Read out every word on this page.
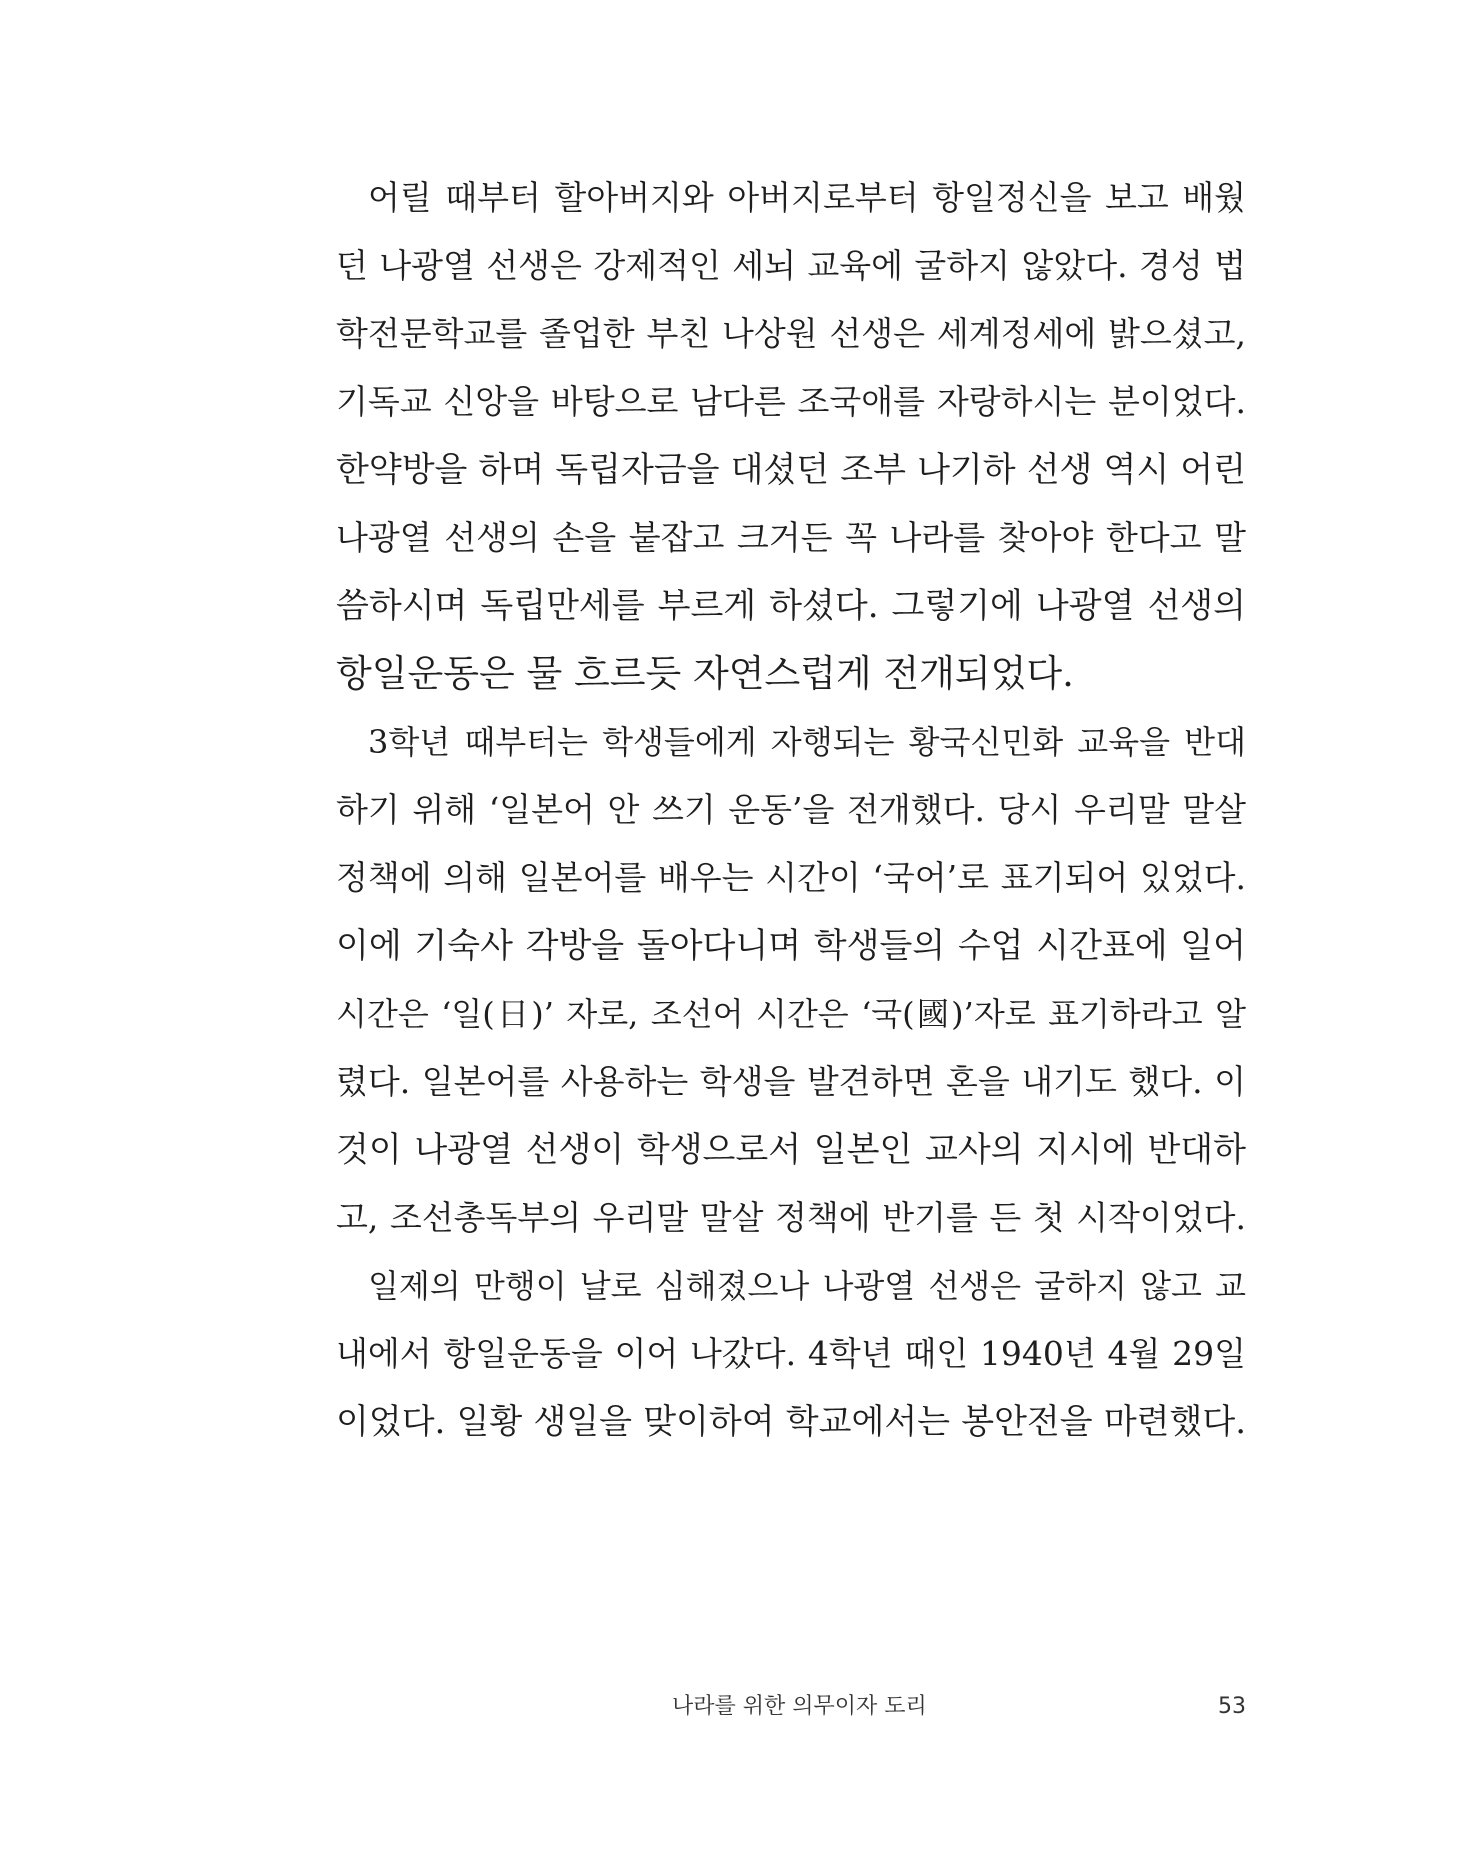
어릴 때부터 할아버지와 아버지로부터 항일정신을 보고 배웠
던 나광열 선생은 강제적인 세뇌 교육에 굴하지 않았다. 경성 법
학전문학교를 졸업한 부친 나상원 선생은 세계정세에 밝으셨고,
기독교 신앙을 바탕으로 남다른 조국애를 자랑하시는 분이었다.
한약방을 하며 독립자금을 대셨던 조부 나기하 선생 역시 어린
나광열 선생의 손을 붙잡고 크거든 꼭 나라를 찾아야 한다고 말
씀하시며 독립만세를 부르게 하셨다. 그렇기에 나광열 선생의
항일운동은 물 흐르듯 자연스럽게 전개되었다.
3학년 때부터는 학생들에게 자행되는 황국신민화 교육을 반대
하기 위해 ‘일본어 안 쓰기 운동’을 전개했다. 당시 우리말 말살
정책에 의해 일본어를 배우는 시간이 ‘국어’로 표기되어 있었다.
이에 기숙사 각방을 돌아다니며 학생들의 수업 시간표에 일어
시간은 ‘일(日)’ 자로, 조선어 시간은 ‘국(國)’자로 표기하라고 알
렸다. 일본어를 사용하는 학생을 발견하면 혼을 내기도 했다. 이
것이 나광열 선생이 학생으로서 일본인 교사의 지시에 반대하
고, 조선총독부의 우리말 말살 정책에 반기를 든 첫 시작이었다.
일제의 만행이 날로 심해졌으나 나광열 선생은 굴하지 않고 교
내에서 항일운동을 이어 나갔다. 4학년 때인 1940년 4월 29일
이었다. 일황 생일을 맞이하여 학교에서는 봉안전을 마련했다.
나라를 위한 의무이자 도리	53
